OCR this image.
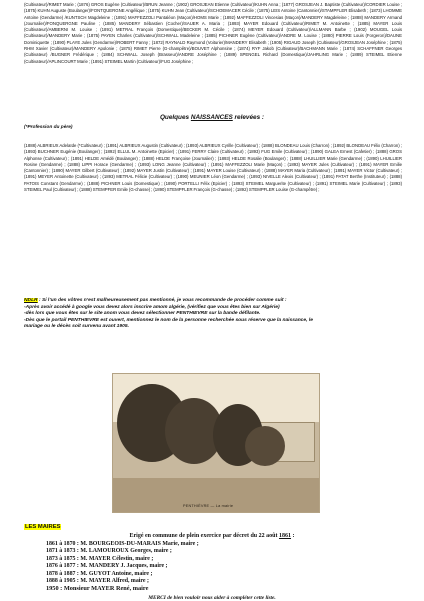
(Cultivateur)/RIMET Marie ; (1876) GROS Eugène (Cultivateur)/BRUN Jeanne ; (1902) GROSJEAN Etienne (Cultivateur)/KUHN Anna ; (1877) GROSJEAN J. Baptiste (Cultivateur)/CORDIER Louise ; (1875) KUHN Auguste (Boulanger)/FONTQUERGNE Angélique ; (1875) KUHN Jean (Cultivateur)/SCHOEMACER Cécile ; (1875) LEIS Antoine (Cantonnier)/STAMPFLER Elisabeth ; (1873) LHOMME Antoine (Gendarme) /KUNTSCH Magdeleine ; (1891) MAFFEZZOLI Pantaléon (Maçon)/HOMS Marie ; (1892) MAFFEZZOLI Vincesias (Maçon)/MANDERY Magdeleine ; (1888) MANDERY Armand (Journalier)/FONQUERGNE Pauline ; (1885) MANDERY Sébastien (Cocher)/SAUER A. Maria ; (1893) MAYER Edouard (Cultivateur)/RIMET M. Antoinette ; (1885) MAYER Louis (Cultivateur)/AMBERNI M. Louise ; (1891) METRAL François (Domestique)/BECKER M. Cécile ; (1874) MEYER Edouard (Cultivateur)/ALLMANN Barbe ; (1902) MOUGEL Louis (Cultivateur)/MANDERY Marie ; (1875) PAYEN Charles (Cultivateur)/SCHWALL Madeleine ; (1885) PICHNER Eugène (Cultivateur)/ANDRE M. Louise ; (1880) PIERRE Louis (Forgeron)/DAUNE Dominiquette ; (1890) PLAYE Jules (Gendarme)/ROBERT Fanny ; (1872) RAYNALD Raymond (Voiturier)/MANDERY Elisabeth ; (1905) RIGAUD Joseph (Cultivateur)/GROSJEAN Joséphine ; (1875) RHM Xavier (Cultivateur)/MANDERY Apolonie ; (1875) RIMET Pierre (G-champêtre)/BOUVET Alphonsine ; (1874) RYF Jakob (Cultivateur)/BACHMANN Marie ; (1874) SCHAFFNER Georges (Cultivateur) /BUGNER Frédérique ; (1884) SCHWALL Joseph (Brasseur)/ANDRE Joséphine ; (1889) SPENGEL Richard (Domestique)/JAHRLING Marie ; (1889) STEIMEL Etienne (Cultivateur)/APLINCOURT Marie ; (1891) STEIMEL Martin (Cultivateur)/FUG Joséphine ;
Quelques NAISSANCES relevées :
(*Profession du père)
(1888) ALBRIEUX Adelaïde (*Cultivateur) ; (1891) ALBRIEUX Augustin (Cultivateur) ; (1893) ALBRIEUX Cyrille (Cultivateur) ; (1888) BLONDEAU Louis (Charron) ; (1892) BLONDEAU Félix (Charron) ; (1893) BUCHNER Eugénie (Boulanger) ; (1892) ELLUL M. Antoinette (Epicier) ; (1891) FERRY Claire (Cultivateur) ; (1893) FUG Emile (Cultivateur) ; (1890) GALEA Ernest (Cafetier) ; (1888) GROS Alphonse (Cultivateur) ; (1891) HELDE Amédé (Boulanger) ; (1888) HELDE Françoise (Journalier) ; (1893) HELDE Rosalie (Boulanger) ; (1888) LHUILLIER Marie (Gendarme) ; (1890) LHUILLIER Rosine (Gendarme) ; (1888) LIPPI Horace (Gendarme) ; (1893) LONG Jeanne (Cultivateur) ; (1891) MAFFEZZOLI Marie (Maçon) ; (1893) MAYER Jules (Cultivateur) ; (1891) MAYER Emilie (Cantonnier) ; (1890) MAYER Gilbert (Cultivateur) ; (1892) MAYER Justin (Cultivateur) ; (1891) MAYER Louise (Cultivateur) ; (1888) MAYER Maria (Cultivateur) ; (1891) MAYER Victor (Cultivateur) ; (1891) MEYER Antoinette (Cultivateur) ; (1893) METRAL Félicie (Cultivateur) ; (1890) MEUNIER Léon (Gendarme) ; (1893) NIVELLE Alexis (Cultivateur) ; (1891) PATAT Berthe (Instituteur) ; (1888) PATOIS Constant (Gendarme) ; (1888) PICHNER Louis (Domestique) ; (1890) PORTELLI Félix (Epicier) ; (1893) STEIMEL Marguerite (Cultivateur) ; (1891) STEIMEL Marie (Cultivateur) ; (1893) STEIMEL Paul (Cultivateur) ; (1888) STEMPFER Emile (G-chasse) ; (1890) STEMPFLER François (G-chasse) ; (1892) STEMPFLER Louise (G-champêtre) ;
NDLR : Si l’un des vôtres n’est malheureusement pas mentionné, je vous recommande de procéder comme suit :
-Après avoir accédé à google vous devez alors inscrire amom algérie, (vérifiez que vous êtes bien sur Algérie)
-dès lors que vous êtes sur le site anom vous devez sélectionner PENTHIEVRE sur la bande défilante.
-Dès que le portail PENTHIEVRE est ouvert, mentionnez le nom de la personne recherchée sous réserve que la naissance, le
mariage ou le décès soit survenu avant 1905.
PENTHIÈVRE — La mairie
LES MAIRES
Erigé en commune de plein exercice par décret du 22 août 1861 :
1861 à 1870 : M. BOURGEOIS-DU-MARAIS Marie, maire ;
1871 à 1873 : M. LAMOUROUX Georges, maire ;
1873 à 1875 : M. MAYER Célestin, maire ;
1876 à 1877 : M. MANDERY J. Jacques, maire ;
1878 à 1887 : M. GUYOT Antoine, maire ;
1888 à 1905 : M. MAYER Alfred, maire ;
1950 : Monsieur MAYER René, maire
MERCI de bien vouloir nous aider à compléter cette liste.
